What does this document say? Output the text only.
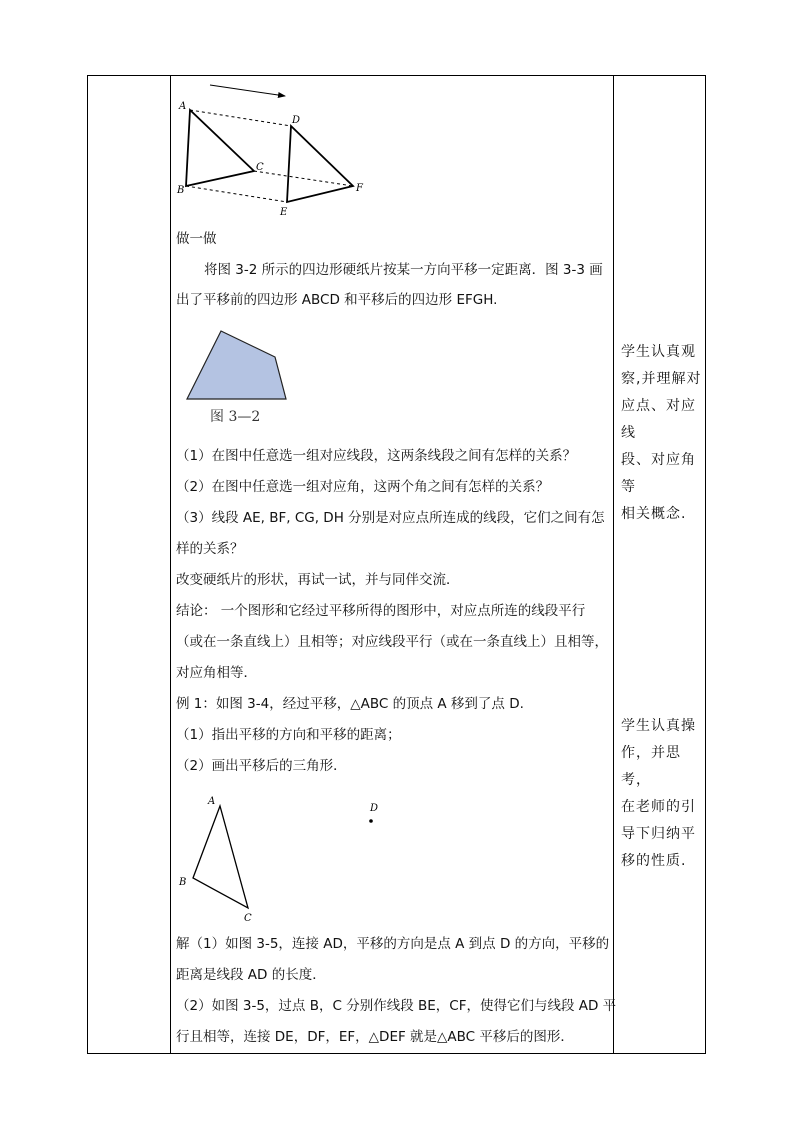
A
B
C
D
E
F
做一做
将图 3-2 所示的四边形硬纸片按某一方向平移一定距离．图 3-3 画
出了平移前的四边形 ABCD 和平移后的四边形 EFGH.
图 3—2
（1）在图中任意选一组对应线段，这两条线段之间有怎样的关系？
（2）在图中任意选一组对应角，这两个角之间有怎样的关系？
（3）线段 AE, BF, CG, DH 分别是对应点所连成的线段，它们之间有怎
样的关系？
改变硬纸片的形状，再试一试，并与同伴交流．
结论： 一个图形和它经过平移所得的图形中，对应点所连的线段平行
（或在一条直线上）且相等；对应线段平行（或在一条直线上）且相等，
对应角相等．
例 1：如图 3-4，经过平移，△ABC 的顶点 A 移到了点 D.
（1）指出平移的方向和平移的距离；
（2）画出平移后的三角形．
A
B
C
D
解（1）如图 3-5，连接 AD，平移的方向是点 A 到点 D 的方向，平移的
距离是线段 AD 的长度．
（2）如图 3-5，过点 B，C 分别作线段 BE，CF，使得它们与线段 AD 平
行且相等，连接 DE，DF，EF，△DEF 就是△ABC 平移后的图形．
学生认真观
察,并理解对
应点、对应线
段、对应角等
相关概念.
学生认真操
作，并思考，
在老师的引
导下归纳平
移的性质.
